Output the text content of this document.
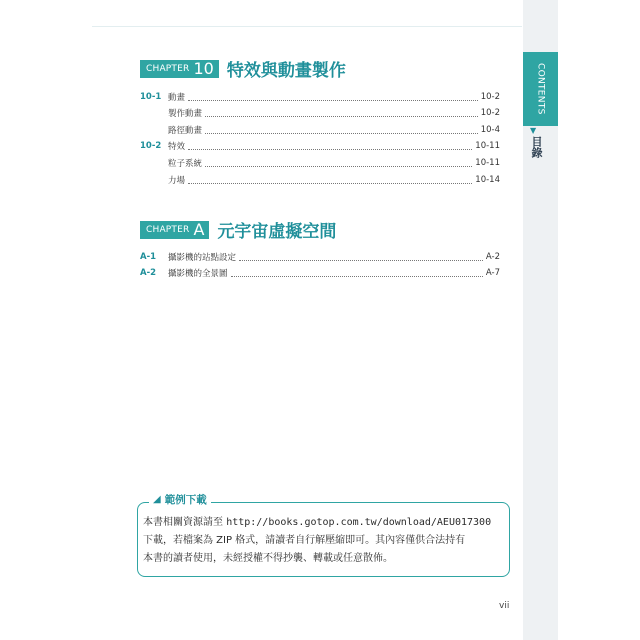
CONTENTS
▼
目錄
CHAPTER 10 特效與動畫製作
10-1 動畫	10-2
製作動畫	10-2
路徑動畫	10-4
10-2 特效	10-11
粒子系統	10-11
力場	10-14
CHAPTER A 元宇宙虛擬空間
A-1	攝影機的站點設定	A-2
A-2	攝影機的全景圖	A-7
◢ 範例下載
本書相關資源請至 http://books.gotop.com.tw/download/AEU017300
下載，若檔案為 ZIP 格式，請讀者自行解壓縮即可。其內容僅供合法持有
本書的讀者使用，未經授權不得抄襲、轉載或任意散佈。
vii
